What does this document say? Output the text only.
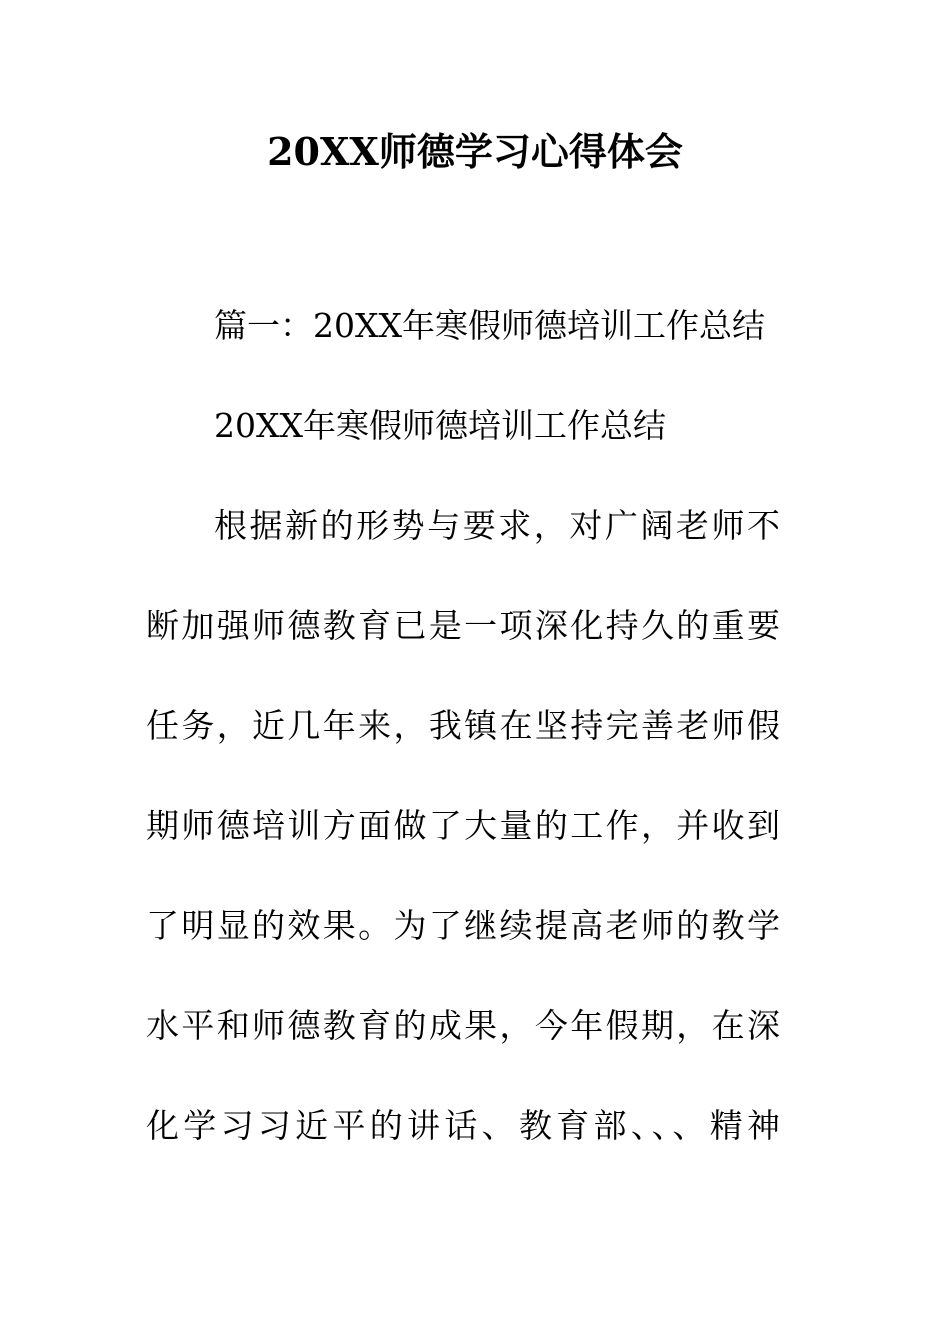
20XX师德学习心得体会
篇一：20XX年寒假师德培训工作总结
20XX年寒假师德培训工作总结
根据新的形势与要求，对广阔老师不
断加强师德教育已是一项深化持久的重要
任务，近几年来，我镇在坚持完善老师假
期师德培训方面做了大量的工作，并收到
了明显的效果。为了继续提高老师的教学
水平和师德教育的成果，今年假期，在深
化学习习近平的讲话、教育部、、、精神
